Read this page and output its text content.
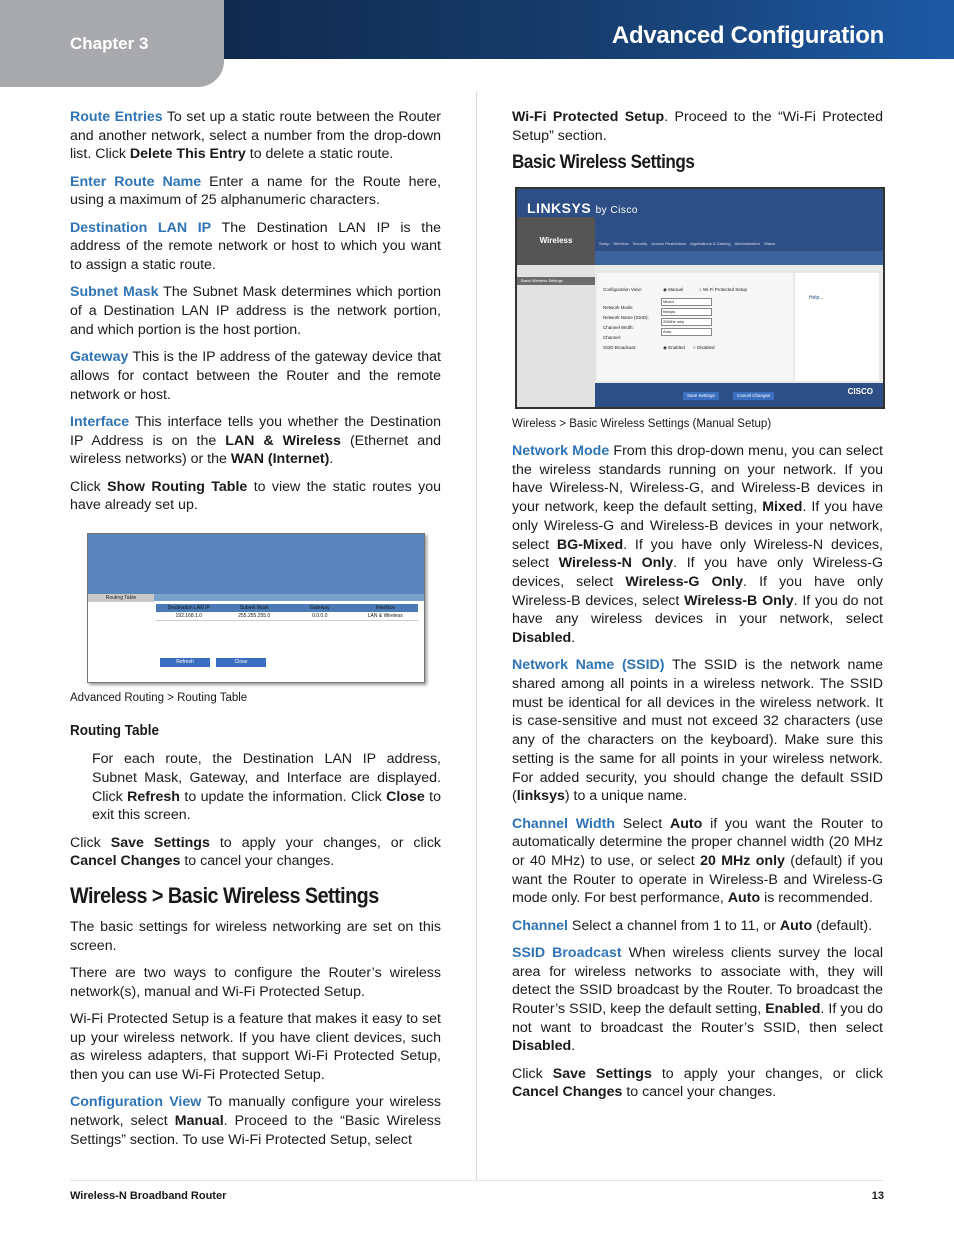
Chapter 3	Advanced Configuration

Route Entries To set up a static route between the Router and another network, select a number from the drop-down list. Click Delete This Entry to delete a static route.

Enter Route Name Enter a name for the Route here, using a maximum of 25 alphanumeric characters.

Destination LAN IP The Destination LAN IP is the address of the remote network or host to which you want to assign a static route.

Subnet Mask The Subnet Mask determines which portion of a Destination LAN IP address is the network portion, and which portion is the host portion.

Gateway This is the IP address of the gateway device that allows for contact between the Router and the remote network or host.

Interface This interface tells you whether the Destination IP Address is on the LAN & Wireless (Ethernet and wireless networks) or the WAN (Internet).

Click Show Routing Table to view the static routes you have already set up.

Routing Table
Destination LAN IP	Subnet Mask	Gateway	Interface
192.168.1.0	255.255.255.0	0.0.0.0	LAN & Wireless
Refresh	Close

Advanced Routing > Routing Table

Routing Table

For each route, the Destination LAN IP address, Subnet Mask, Gateway, and Interface are displayed. Click Refresh to update the information. Click Close to exit this screen.

Click Save Settings to apply your changes, or click Cancel Changes to cancel your changes.

Wireless > Basic Wireless Settings

The basic settings for wireless networking are set on this screen.

There are two ways to configure the Router’s wireless network(s), manual and Wi-Fi Protected Setup.

Wi-Fi Protected Setup is a feature that makes it easy to set up your wireless network. If you have client devices, such as wireless adapters, that support Wi-Fi Protected Setup, then you can use Wi-Fi Protected Setup.

Configuration View To manually configure your wireless network, select Manual. Proceed to the “Basic Wireless Settings” section. To use Wi-Fi Protected Setup, select

Wi-Fi Protected Setup. Proceed to the “Wi-Fi Protected Setup” section.

Basic Wireless Settings
LINKSYS by Cisco
Wireless	Setup Wireless Security Access Restrictions Applications & Gaming Administration Status
Basic Wireless Settings
Configuration View:	◉ Manual	○ Wi-Fi Protected Setup
Network Mode:
Mixed
Network Name (SSID):
linksys
Channel Width:
20MHz only
Channel:
Auto
SSID Broadcast:	◉ Enabled ○ Disabled
Help...
Save Settings	Cancel Changes	CISCO

Wireless > Basic Wireless Settings (Manual Setup)

Network Mode From this drop-down menu, you can select the wireless standards running on your network. If you have Wireless-N, Wireless-G, and Wireless-B devices in your network, keep the default setting, Mixed. If you have only Wireless-G and Wireless-B devices in your network, select BG-Mixed. If you have only Wireless-N devices, select Wireless-N Only. If you have only Wireless-G devices, select Wireless-G Only. If you have only Wireless-B devices, select Wireless-B Only. If you do not have any wireless devices in your network, select Disabled.

Network Name (SSID) The SSID is the network name shared among all points in a wireless network. The SSID must be identical for all devices in the wireless network. It is case-sensitive and must not exceed 32 characters (use any of the characters on the keyboard). Make sure this setting is the same for all points in your wireless network. For added security, you should change the default SSID (linksys) to a unique name.

Channel Width Select Auto if you want the Router to automatically determine the proper channel width (20 MHz or 40 MHz) to use, or select 20 MHz only (default) if you want the Router to operate in Wireless-B and Wireless-G mode only. For best performance, Auto is recommended.

Channel Select a channel from 1 to 11, or Auto (default).

SSID Broadcast When wireless clients survey the local area for wireless networks to associate with, they will detect the SSID broadcast by the Router. To broadcast the Router’s SSID, keep the default setting, Enabled. If you do not want to broadcast the Router’s SSID, then select Disabled.

Click Save Settings to apply your changes, or click Cancel Changes to cancel your changes.

Wireless-N Broadband Router	13
